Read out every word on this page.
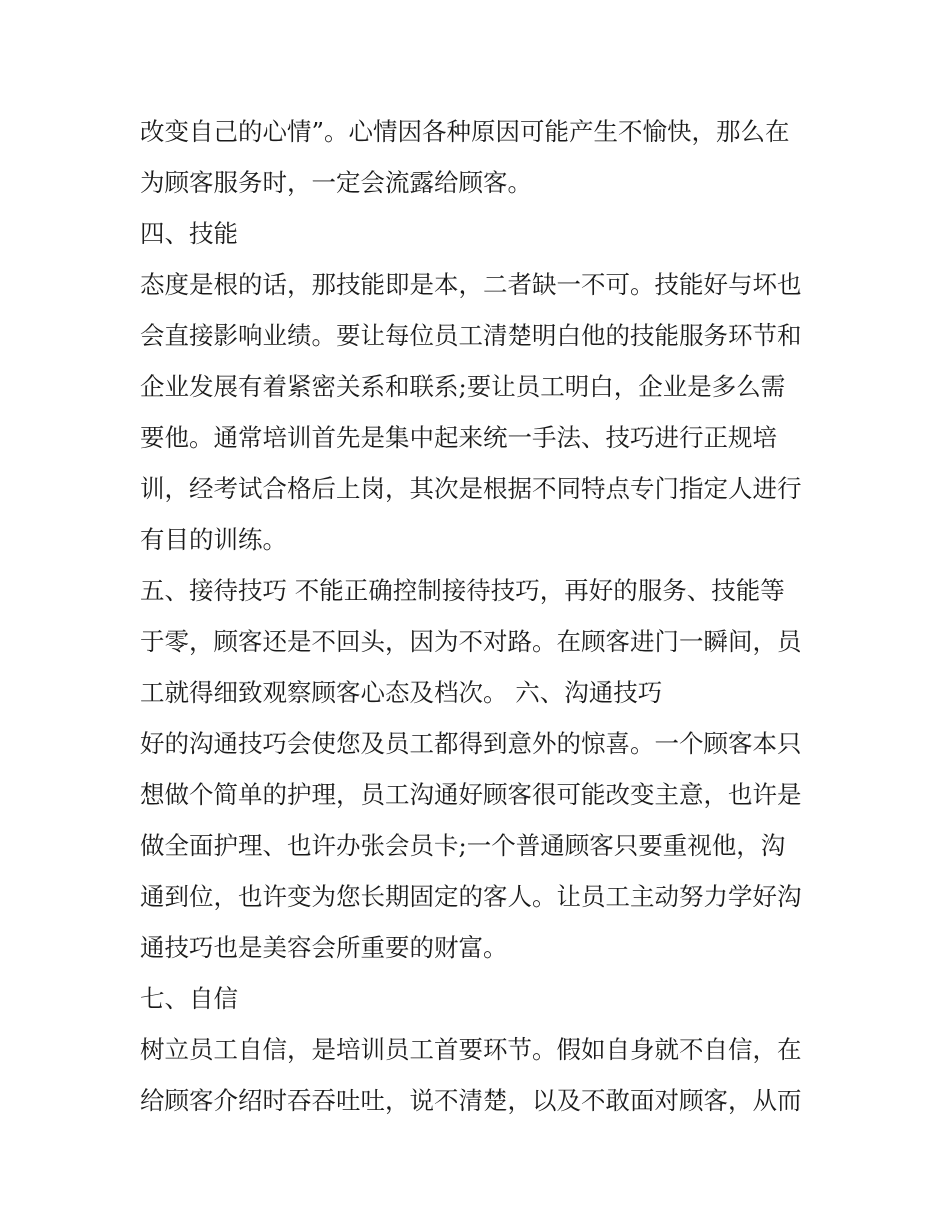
改变自己的心情”。心情因各种原因可能产生不愉快，那么在
为顾客服务时，一定会流露给顾客。
四、技能
态度是根的话，那技能即是本，二者缺一不可。技能好与坏也
会直接影响业绩。要让每位员工清楚明白他的技能服务环节和
企业发展有着紧密关系和联系;要让员工明白，企业是多么需
要他。通常培训首先是集中起来统一手法、技巧进行正规培
训，经考试合格后上岗，其次是根据不同特点专门指定人进行
有目的训练。
五、接待技巧 不能正确控制接待技巧，再好的服务、技能等
于零，顾客还是不回头，因为不对路。在顾客进门一瞬间，员
工就得细致观察顾客心态及档次。 六、沟通技巧
好的沟通技巧会使您及员工都得到意外的惊喜。一个顾客本只
想做个简单的护理，员工沟通好顾客很可能改变主意，也许是
做全面护理、也许办张会员卡;一个普通顾客只要重视他，沟
通到位，也许变为您长期固定的客人。让员工主动努力学好沟
通技巧也是美容会所重要的财富。
七、自信
树立员工自信，是培训员工首要环节。假如自身就不自信，在
给顾客介绍时吞吞吐吐，说不清楚，以及不敢面对顾客，从而
